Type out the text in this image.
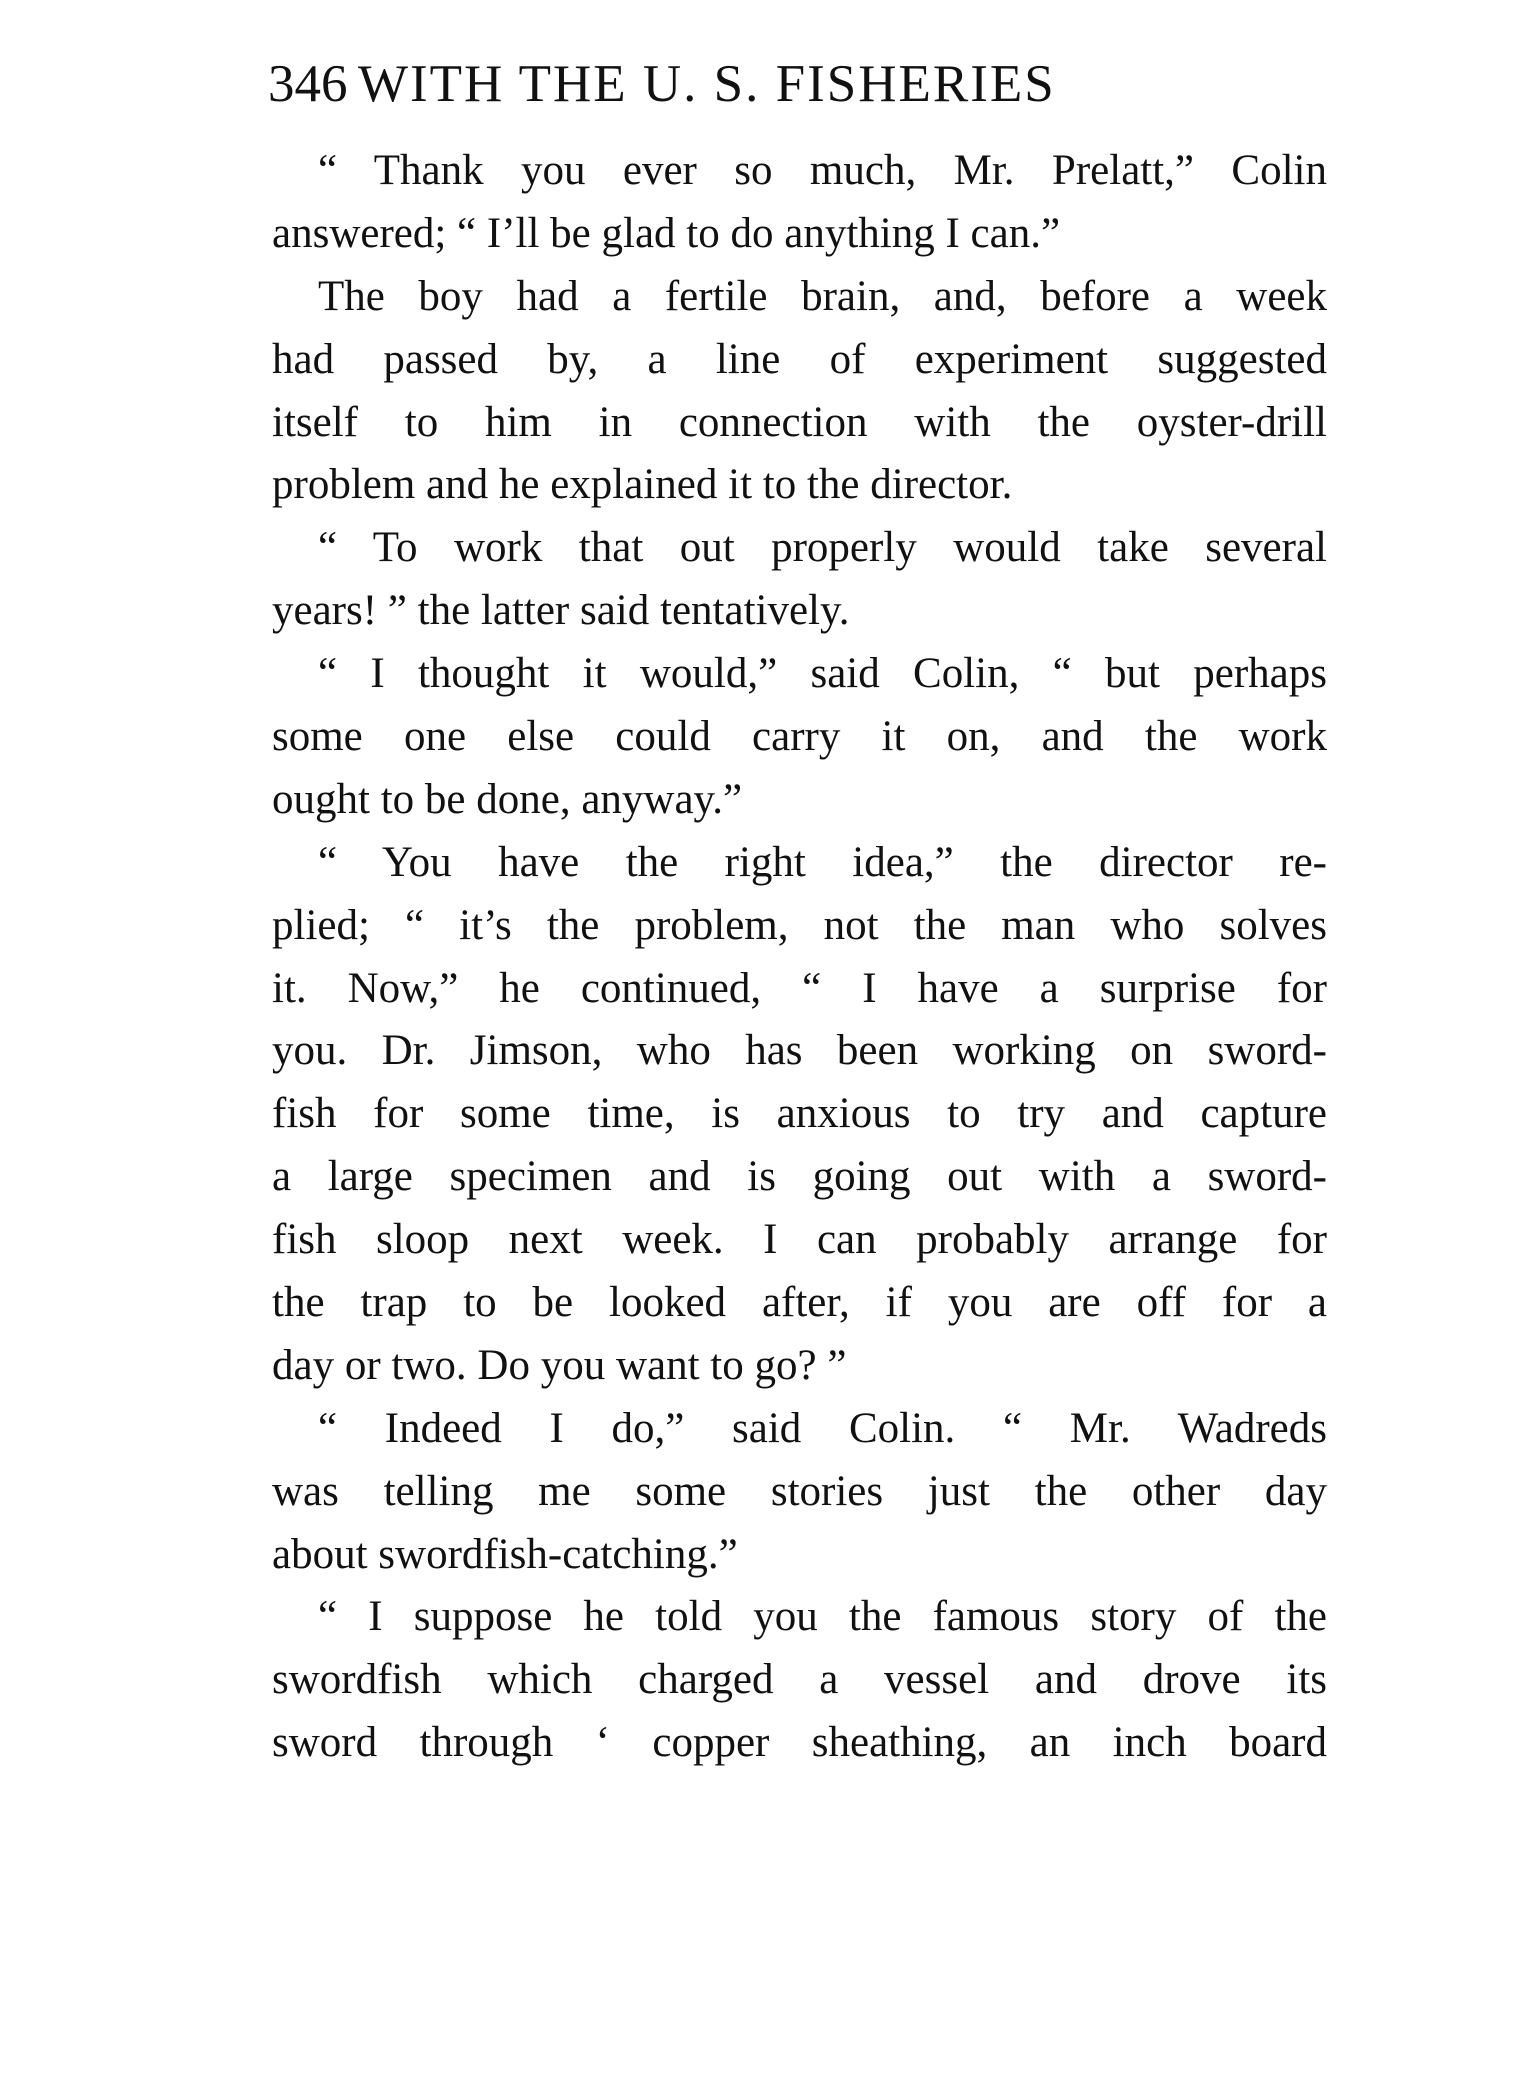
346 WITH THE U. S. FISHERIES
“ Thank you ever so much, Mr. Prelatt,” Colin
answered; “ I’ll be glad to do anything I can.”
The boy had a fertile brain, and, before a week
had passed by, a line of experiment suggested
itself to him in connection with the oyster-drill
problem and he explained it to the director.
“ To work that out properly would take several
years! ” the latter said tentatively.
“ I thought it would,” said Colin, “ but perhaps
some one else could carry it on, and the work
ought to be done, anyway.”
“ You have the right idea,” the director re-
plied; “ it’s the problem, not the man who solves
it. Now,” he continued, “ I have a surprise for
you. Dr. Jimson, who has been working on sword-
fish for some time, is anxious to try and capture
a large specimen and is going out with a sword-
fish sloop next week. I can probably arrange for
the trap to be looked after, if you are off for a
day or two. Do you want to go? ”
“ Indeed I do,” said Colin. “ Mr. Wadreds
was telling me some stories just the other day
about swordfish-catching.”
“ I suppose he told you the famous story of the
swordfish which charged a vessel and drove its
sword through ‘ copper sheathing, an inch board
